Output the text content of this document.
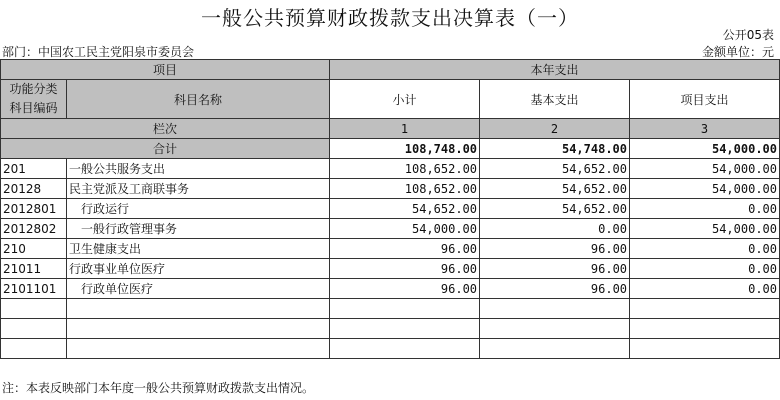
一般公共预算财政拨款支出决算表（一）
公开05表
部门：中国农工民主党阳泉市委员会	金额单位：元
项目		本年支出		
功能分类
科目编码	科目名称	小计	基本支出	项目支出
栏次		1	2	3
合计		108,748.00	54,748.00	54,000.00
201	一般公共服务支出	108,652.00	54,652.00	54,000.00
20128	民主党派及工商联事务	108,652.00	54,652.00	54,000.00
2012801	行政运行	54,652.00	54,652.00	0.00
2012802	一般行政管理事务	54,000.00	0.00	54,000.00
210	卫生健康支出	96.00	96.00	0.00
21011	行政事业单位医疗	96.00	96.00	0.00
2101101	行政单位医疗	96.00	96.00	0.00

注：本表反映部门本年度一般公共预算财政拨款支出情况。
